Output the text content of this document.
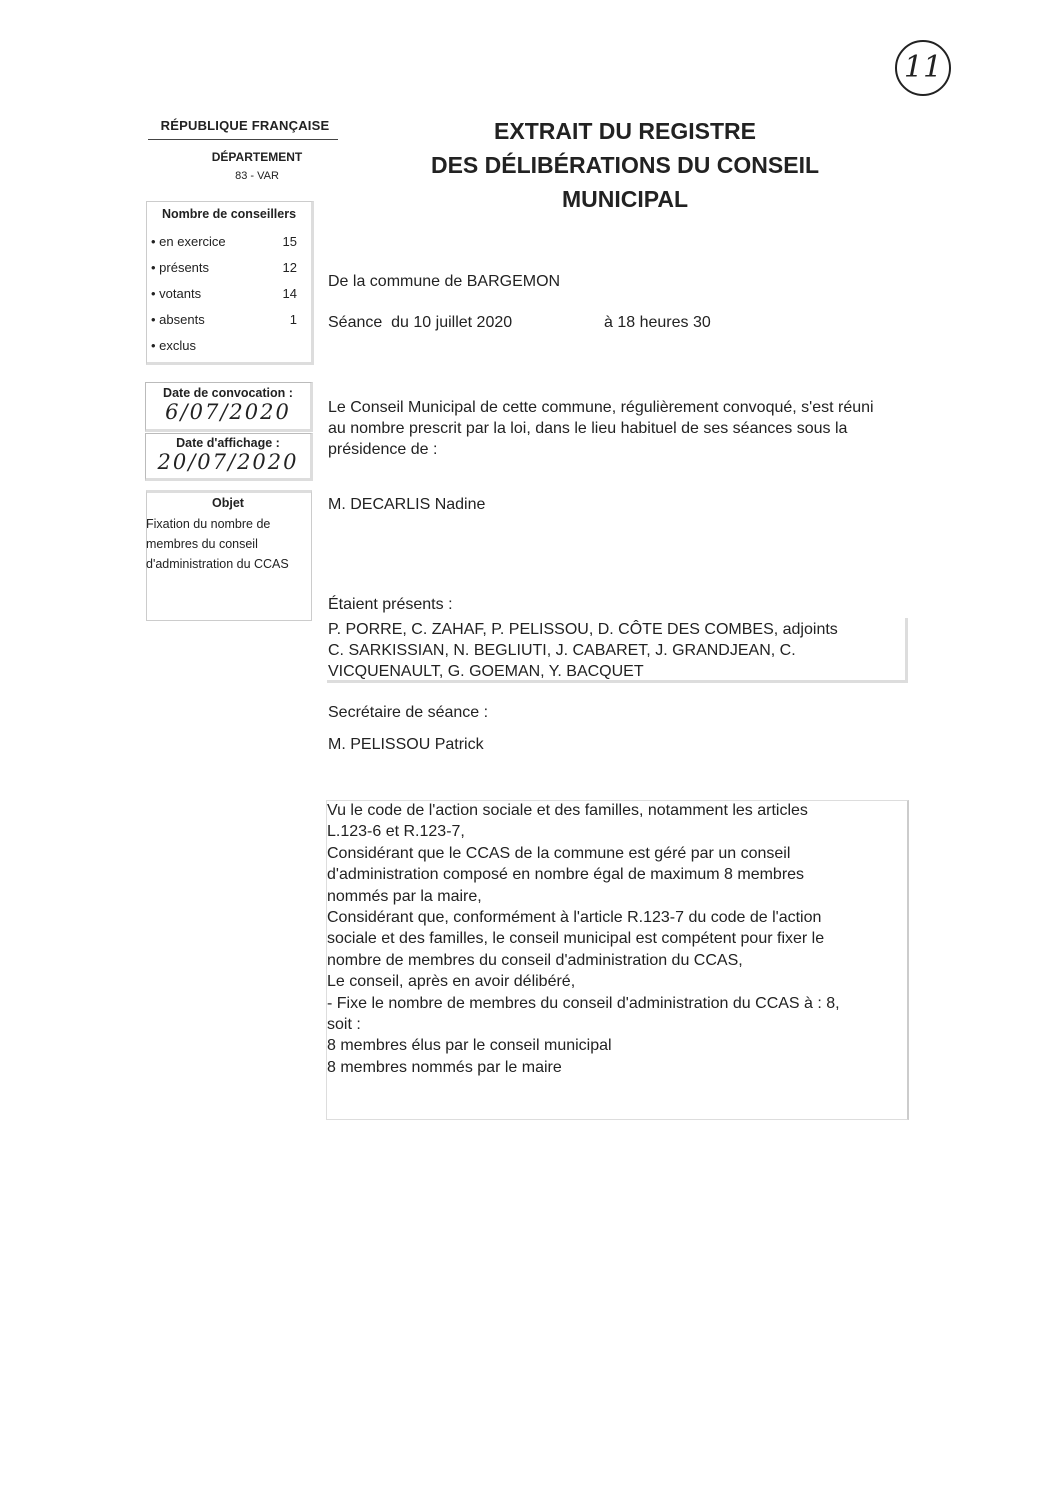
11
RÉPUBLIQUE FRANÇAISE
DÉPARTEMENT
83 - VAR
EXTRAIT DU REGISTRE
DES DÉLIBÉRATIONS DU CONSEIL
MUNICIPAL
Nombre de conseillers
• en exercice	15

• présents	12

• votants	14

• absents	1

• exclus

Date de convocation :
6/07/2020
Date d'affichage :
20/07/2020
Objet
Fixation du nombre de membres du conseil d'administration du CCAS
De la commune de BARGEMON
Séance  du 10 juillet 2020	à 18 heures 30
Le Conseil Municipal de cette commune, régulièrement convoqué, s'est réuni au nombre prescrit par la loi, dans le lieu habituel de ses séances sous la présidence de :
M. DECARLIS Nadine
Étaient présents :
P. PORRE, C. ZAHAF, P. PELISSOU, D. CÔTE DES COMBES, adjoints
C. SARKISSIAN, N. BEGLIUTI, J. CABARET, J. GRANDJEAN, C.
VICQUENAULT, G. GOEMAN, Y. BACQUET
Secrétaire de séance :
M. PELISSOU Patrick
Vu le code de l'action sociale et des familles, notamment les articles
L.123-6 et R.123-7,
Considérant que le CCAS de la commune est géré par un conseil
d'administration composé en nombre égal de maximum 8 membres
nommés par la maire,
Considérant que, conformément à l'article R.123-7 du code de l'action
sociale et des familles, le conseil municipal est compétent pour fixer le
nombre de membres du conseil d'administration du CCAS,
Le conseil, après en avoir délibéré,
- Fixe le nombre de membres du conseil d'administration du CCAS à : 8,
soit :
8 membres élus par le conseil municipal
8 membres nommés par le maire
